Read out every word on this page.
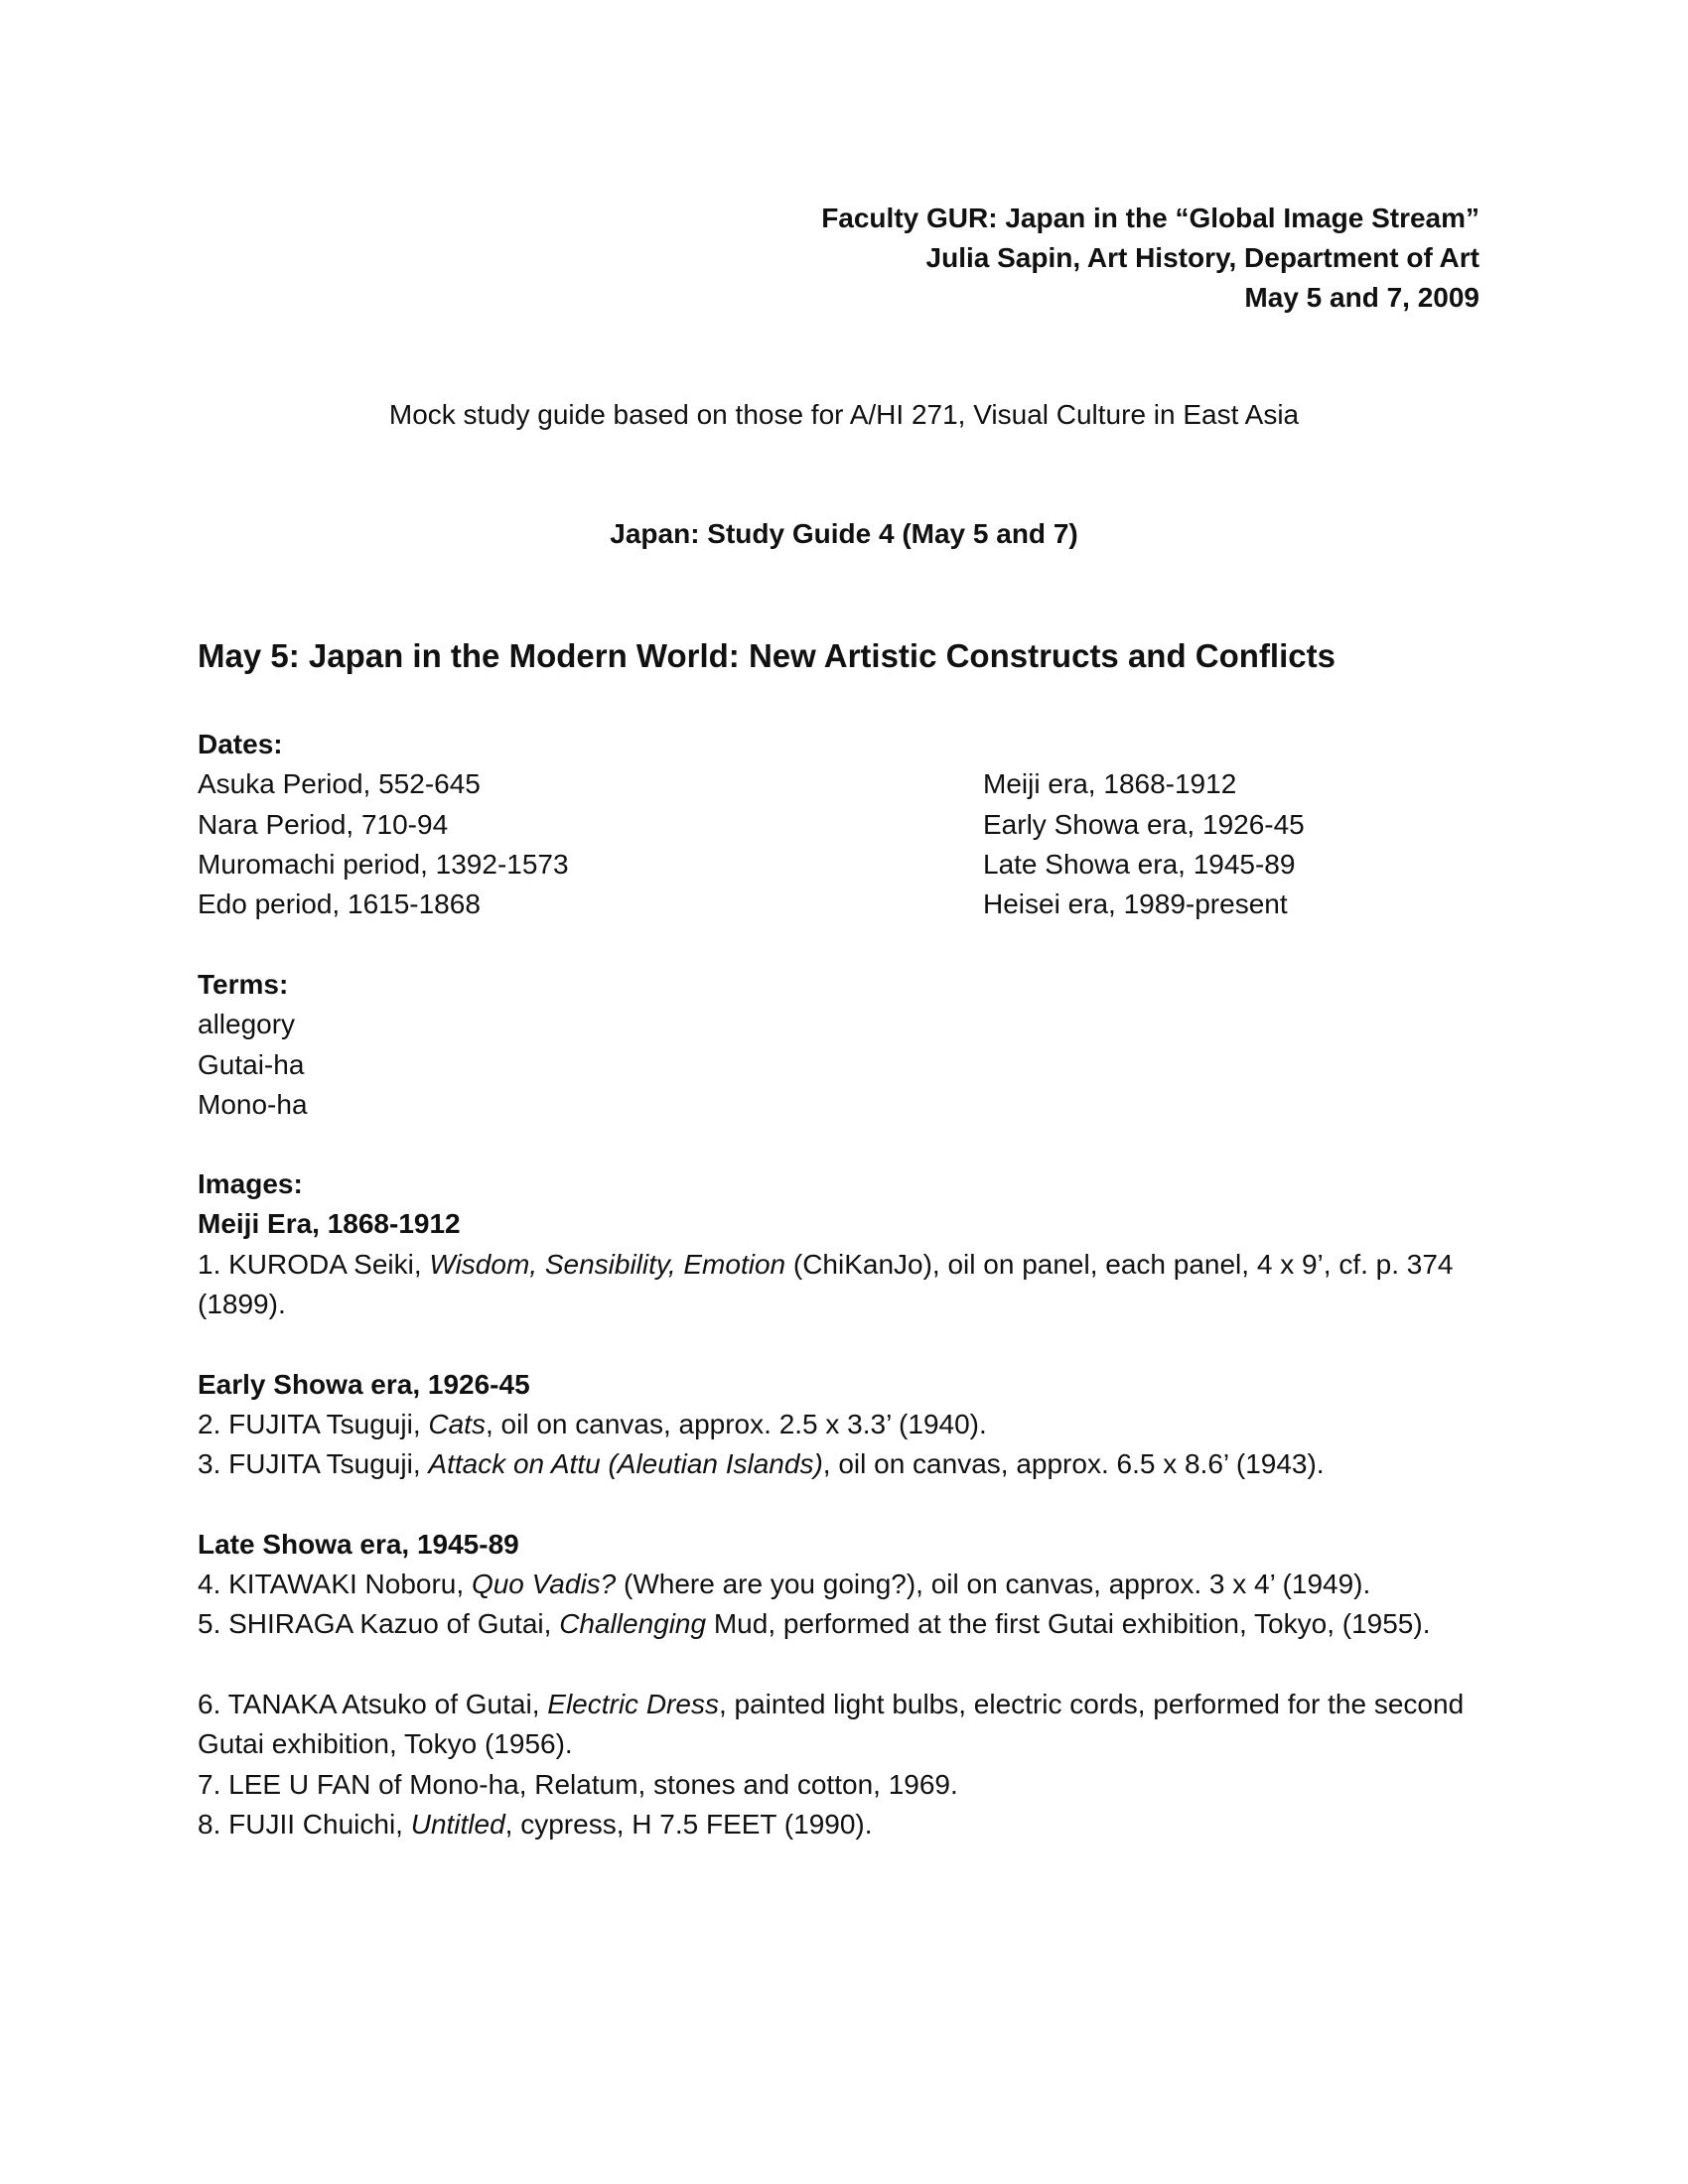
Faculty GUR: Japan in the “Global Image Stream”
Julia Sapin, Art History, Department of Art
May 5 and 7, 2009
Mock study guide based on those for A/HI 271, Visual Culture in East Asia
Japan: Study Guide 4 (May 5 and 7)
May 5: Japan in the Modern World: New Artistic Constructs and Conflicts
Dates:
Asuka Period, 552-645
Nara Period, 710-94
Muromachi period, 1392-1573
Edo period, 1615-1868
Meiji era, 1868-1912
Early Showa era, 1926-45
Late Showa era, 1945-89
Heisei era, 1989-present
Terms:
allegory
Gutai-ha
Mono-ha
Images:
Meiji Era, 1868-1912
1. KURODA Seiki, Wisdom, Sensibility, Emotion (ChiKanJo), oil on panel, each panel, 4 x 9’, cf. p. 374 (1899).
Early Showa era, 1926-45
2. FUJITA Tsuguji, Cats, oil on canvas, approx. 2.5 x 3.3’ (1940).
3. FUJITA Tsuguji, Attack on Attu (Aleutian Islands), oil on canvas, approx. 6.5 x 8.6’ (1943).
Late Showa era, 1945-89
4. KITAWAKI Noboru, Quo Vadis? (Where are you going?), oil on canvas, approx. 3 x 4’ (1949).
5. SHIRAGA Kazuo of Gutai, Challenging Mud, performed at the first Gutai exhibition, Tokyo, (1955).
6. TANAKA Atsuko of Gutai, Electric Dress, painted light bulbs, electric cords, performed for the second Gutai exhibition, Tokyo (1956).
7. LEE U FAN of Mono-ha, Relatum, stones and cotton, 1969.
8. FUJII Chuichi, Untitled, cypress, H 7.5 FEET (1990).
